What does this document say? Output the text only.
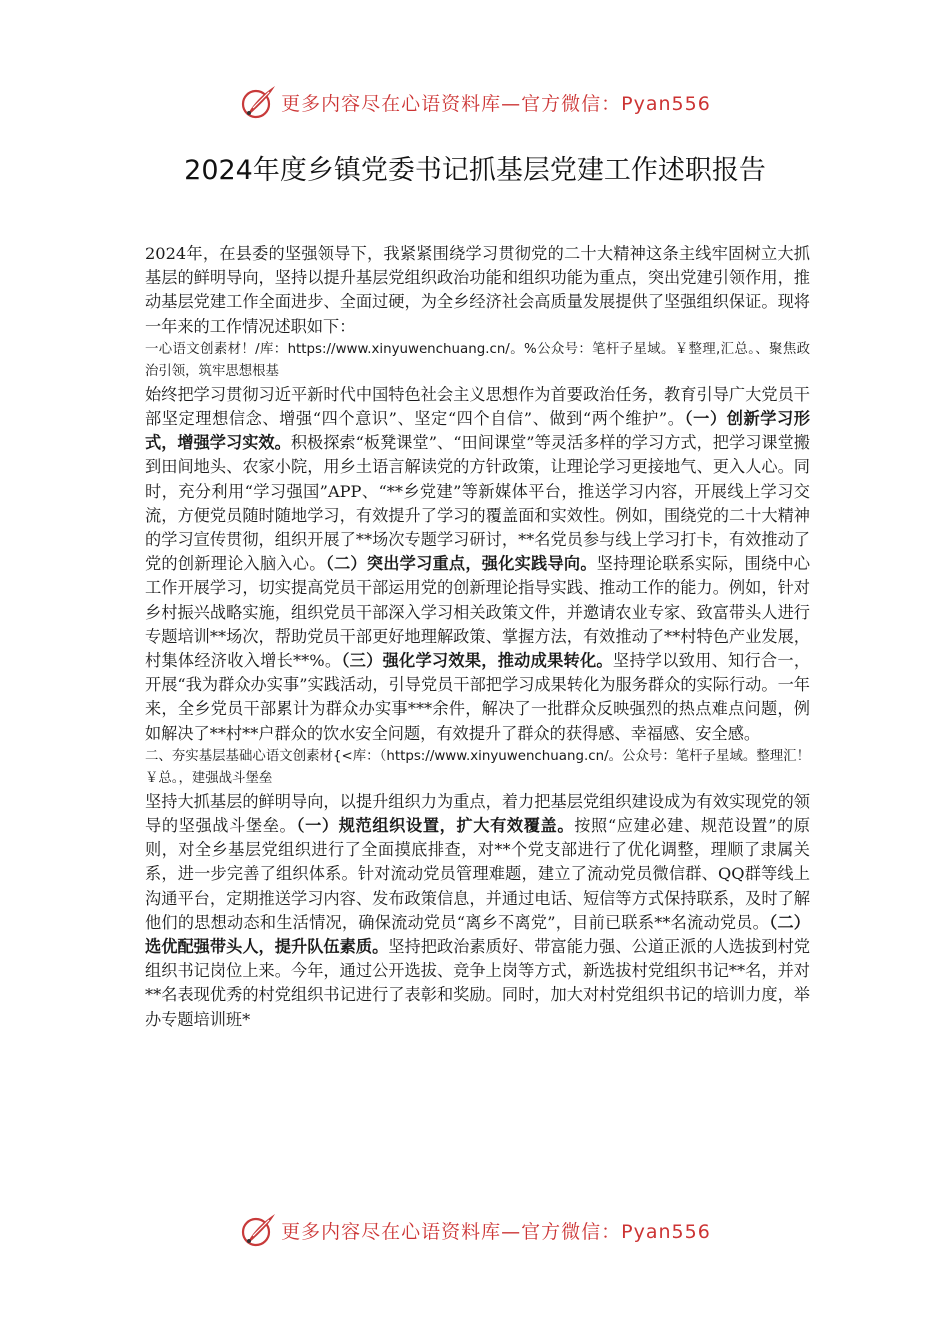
更多内容尽在心语资料库—官方微信：Pyan556
2024年度乡镇党委书记抓基层党建工作述职报告

2024年，在县委的坚强领导下，我紧紧围绕学习贯彻党的二十大精神这条主线牢固树立大抓基层的鲜明导向，坚持以提升基层党组织政治功能和组织功能为重点，突出党建引领作用，推动基层党建工作全面进步、全面过硬，为全乡经济社会高质量发展提供了坚强组织保证。现将一年来的工作情况述职如下：

一心语文创素材！/库：https://www.xinyuwenchuang.cn/。%公众号：笔杆子星域。￥整理,汇总。、聚焦政治引领，筑牢思想根基

始终把学习贯彻习近平新时代中国特色社会主义思想作为首要政治任务，教育引导广大党员干部坚定理想信念、增强“四个意识”、坚定“四个自信”、做到“两个维护”。（一）创新学习形式，增强学习实效。积极探索“板凳课堂”、“田间课堂”等灵活多样的学习方式，把学习课堂搬到田间地头、农家小院，用乡土语言解读党的方针政策，让理论学习更接地气、更入人心。同时，充分利用“学习强国”APP、“**乡党建”等新媒体平台，推送学习内容，开展线上学习交流，方便党员随时随地学习，有效提升了学习的覆盖面和实效性。例如，围绕党的二十大精神的学习宣传贯彻，组织开展了**场次专题学习研讨，**名党员参与线上学习打卡，有效推动了党的创新理论入脑入心。（二）突出学习重点，强化实践导向。坚持理论联系实际，围绕中心工作开展学习，切实提高党员干部运用党的创新理论指导实践、推动工作的能力。例如，针对乡村振兴战略实施，组织党员干部深入学习相关政策文件，并邀请农业专家、致富带头人进行专题培训**场次，帮助党员干部更好地理解政策、掌握方法，有效推动了**村特色产业发展，村集体经济收入增长**%。（三）强化学习效果，推动成果转化。坚持学以致用、知行合一，开展“我为群众办实事”实践活动，引导党员干部把学习成果转化为服务群众的实际行动。一年来，全乡党员干部累计为群众办实事***余件，解决了一批群众反映强烈的热点难点问题，例如解决了**村**户群众的饮水安全问题，有效提升了群众的获得感、幸福感、安全感。

二、夯实基层基础心语文创素材{<库：（https://www.xinyuwenchuang.cn/。公众号：笔杆子星域。整理汇！￥总。，建强战斗堡垒

坚持大抓基层的鲜明导向，以提升组织力为重点，着力把基层党组织建设成为有效实现党的领导的坚强战斗堡垒。（一）规范组织设置，扩大有效覆盖。按照“应建必建、规范设置”的原则，对全乡基层党组织进行了全面摸底排查，对**个党支部进行了优化调整，理顺了隶属关系，进一步完善了组织体系。针对流动党员管理难题，建立了流动党员微信群、QQ群等线上沟通平台，定期推送学习内容、发布政策信息，并通过电话、短信等方式保持联系，及时了解他们的思想动态和生活情况，确保流动党员“离乡不离党”，目前已联系**名流动党员。（二）选优配强带头人，提升队伍素质。坚持把政治素质好、带富能力强、公道正派的人选拔到村党组织书记岗位上来。今年，通过公开选拔、竞争上岗等方式，新选拔村党组织书记**名，并对**名表现优秀的村党组织书记进行了表彰和奖励。同时，加大对村党组织书记的培训力度，举办专题培训班*

更多内容尽在心语资料库—官方微信：Pyan556
